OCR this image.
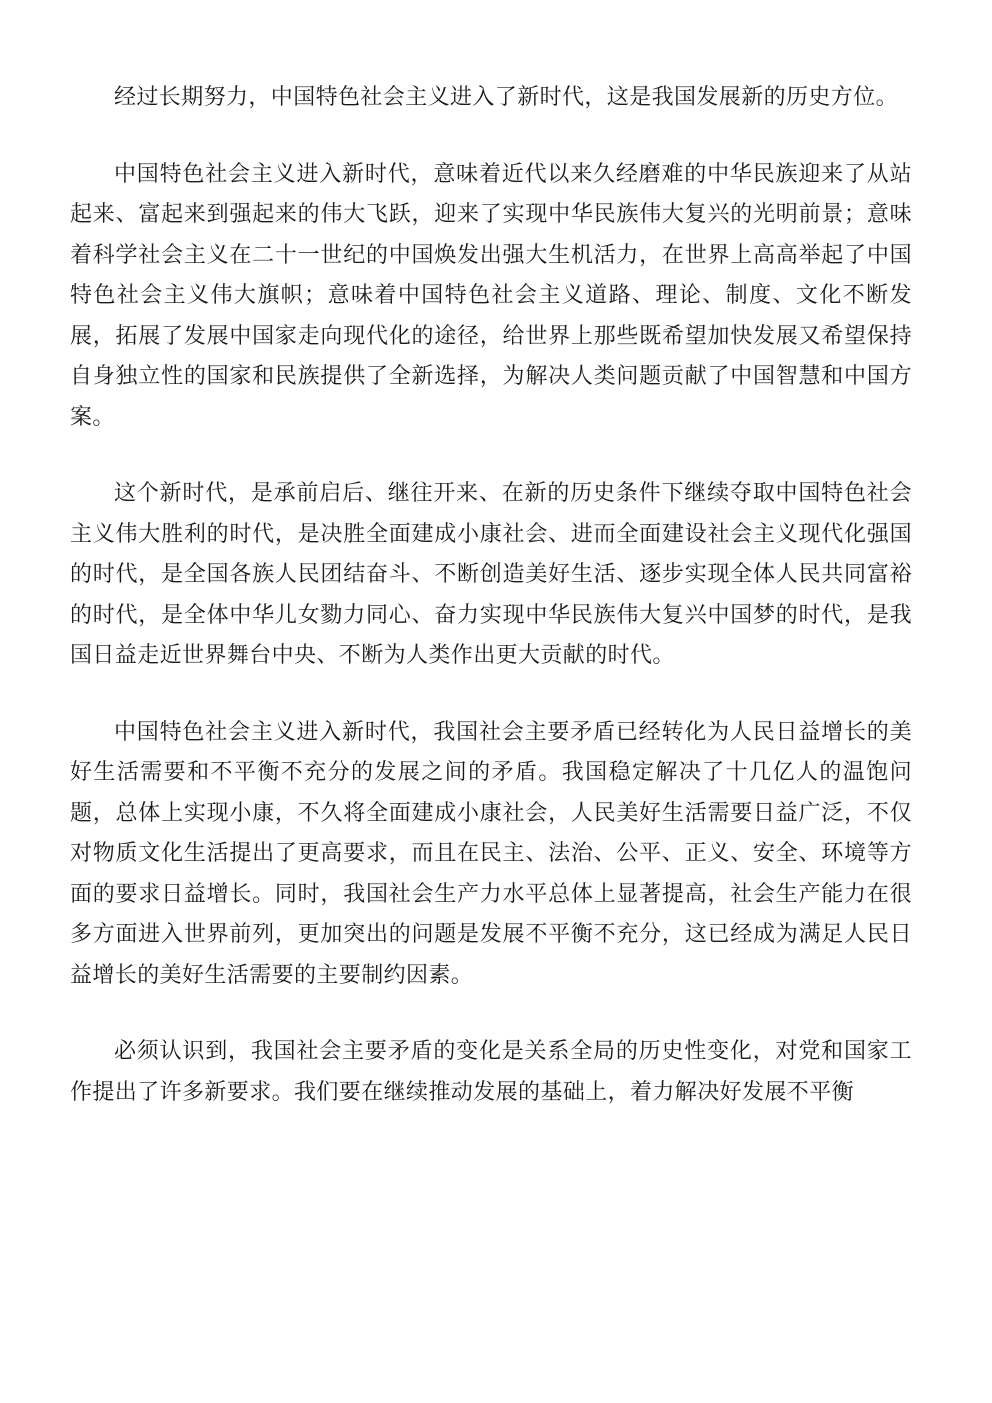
经过长期努力，中国特色社会主义进入了新时代，这是我国发展新的历史方位。

中国特色社会主义进入新时代，意味着近代以来久经磨难的中华民族迎来了从站起来、富起来到强起来的伟大飞跃，迎来了实现中华民族伟大复兴的光明前景；意味着科学社会主义在二十一世纪的中国焕发出强大生机活力，在世界上高高举起了中国特色社会主义伟大旗帜；意味着中国特色社会主义道路、理论、制度、文化不断发展，拓展了发展中国家走向现代化的途径，给世界上那些既希望加快发展又希望保持自身独立性的国家和民族提供了全新选择，为解决人类问题贡献了中国智慧和中国方案。

这个新时代，是承前启后、继往开来、在新的历史条件下继续夺取中国特色社会主义伟大胜利的时代，是决胜全面建成小康社会、进而全面建设社会主义现代化强国的时代，是全国各族人民团结奋斗、不断创造美好生活、逐步实现全体人民共同富裕的时代，是全体中华儿女勠力同心、奋力实现中华民族伟大复兴中国梦的时代，是我国日益走近世界舞台中央、不断为人类作出更大贡献的时代。

中国特色社会主义进入新时代，我国社会主要矛盾已经转化为人民日益增长的美好生活需要和不平衡不充分的发展之间的矛盾。我国稳定解决了十几亿人的温饱问题，总体上实现小康，不久将全面建成小康社会，人民美好生活需要日益广泛，不仅对物质文化生活提出了更高要求，而且在民主、法治、公平、正义、安全、环境等方面的要求日益增长。同时，我国社会生产力水平总体上显著提高，社会生产能力在很多方面进入世界前列，更加突出的问题是发展不平衡不充分，这已经成为满足人民日益增长的美好生活需要的主要制约因素。

必须认识到，我国社会主要矛盾的变化是关系全局的历史性变化，对党和国家工作提出了许多新要求。我们要在继续推动发展的基础上，着力解决好发展不平衡
